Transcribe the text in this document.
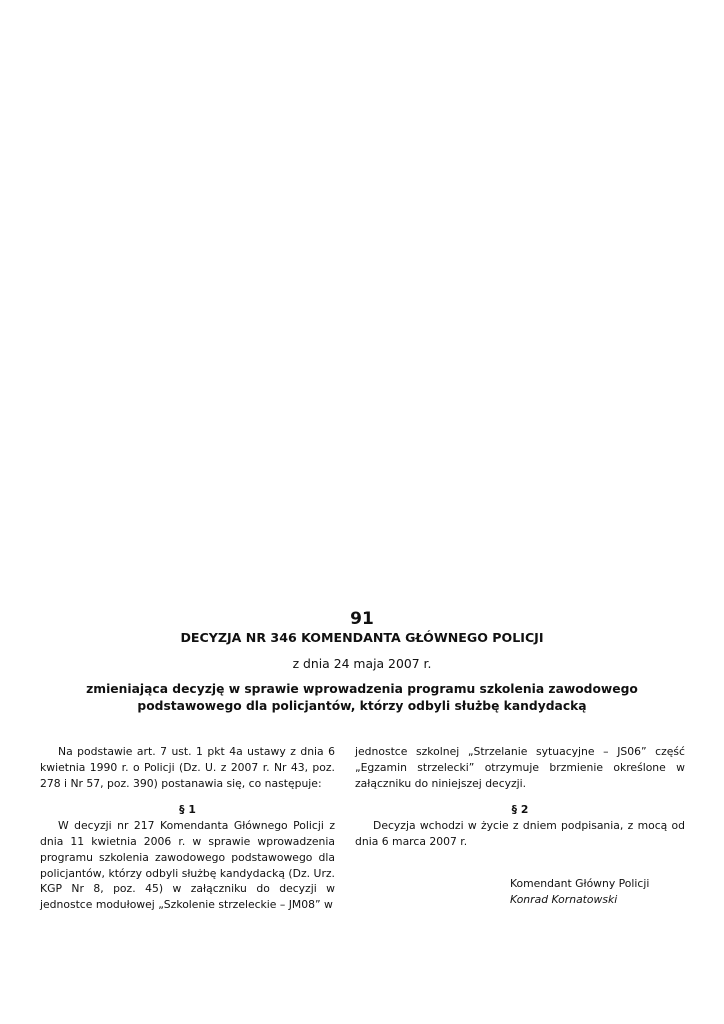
91
DECYZJA NR 346 KOMENDANTA GŁÓWNEGO POLICJI
z dnia 24 maja 2007 r.
zmieniająca decyzję w sprawie wprowadzenia programu szkolenia zawodowego
podstawowego dla policjantów, którzy odbyli służbę kandydacką

Na podstawie art. 7 ust. 1 pkt 4a ustawy z dnia 6 kwietnia 1990 r. o Policji (Dz. U. z 2007 r. Nr 43, poz. 278 i Nr 57, poz. 390) postanawia się, co następuje:

§ 1

W decyzji nr 217 Komendanta Głównego Policji z dnia 11 kwietnia 2006 r. w sprawie wprowadzenia programu szkolenia zawodowego podstawowego dla policjantów, którzy odbyli służbę kandydacką (Dz. Urz. KGP Nr 8, poz. 45) w załączniku do decyzji w jednostce modułowej „Szkolenie strzeleckie – JM08” w

jednostce szkolnej „Strzelanie sytuacyjne – JS06” część „Egzamin strzelecki” otrzymuje brzmienie określone w załączniku do niniejszej decyzji.

§ 2

Decyzja wchodzi w życie z dniem podpisania, z mocą od dnia 6 marca 2007 r.

Komendant Główny Policji
Konrad Kornatowski
